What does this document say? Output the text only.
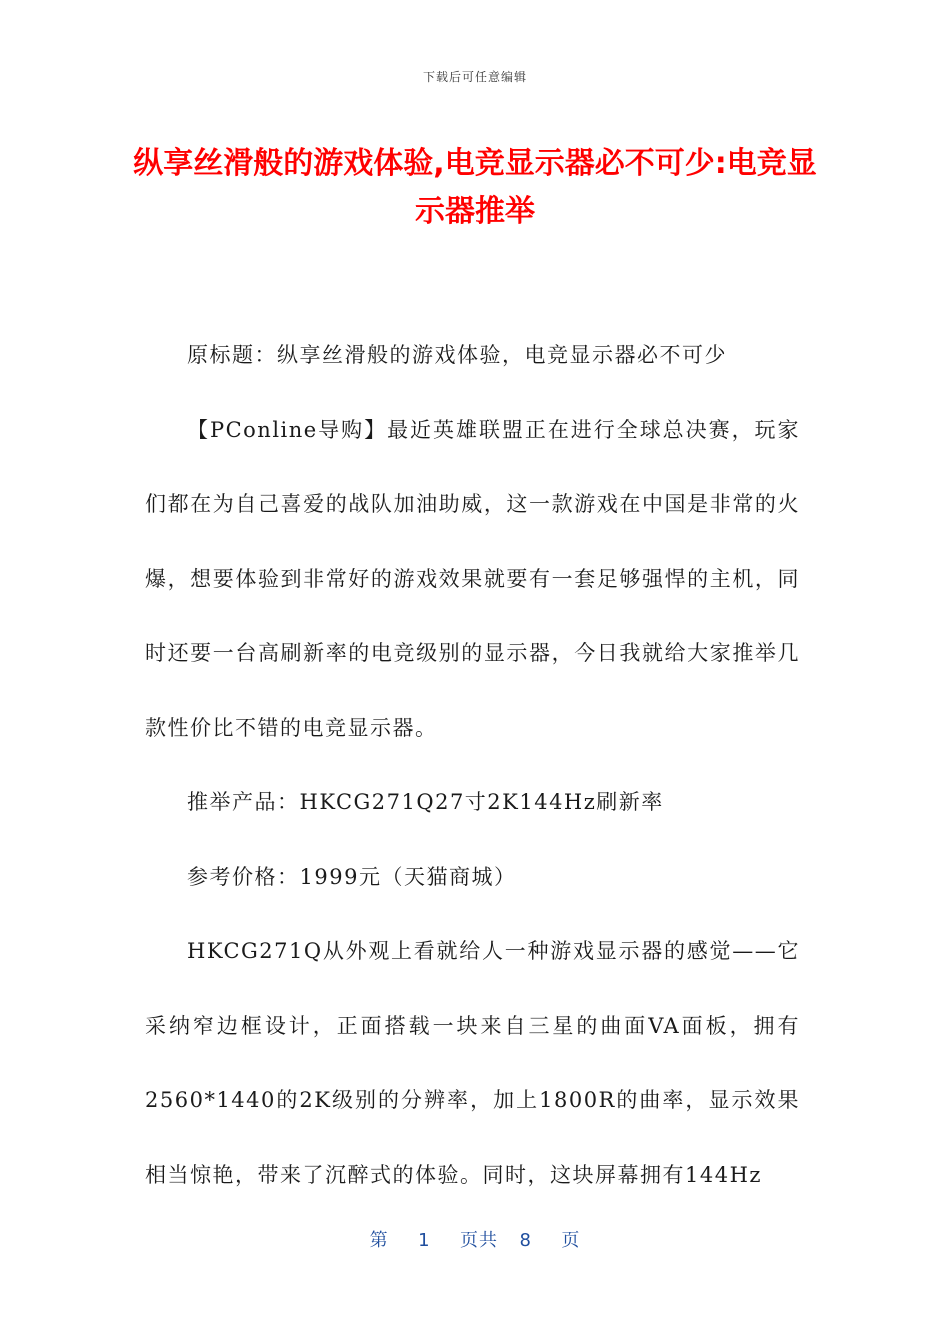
下载后可任意编辑
纵享丝滑般的游戏体验,电竞显示器必不可少:电竞显示器推举

原标题：纵享丝滑般的游戏体验，电竞显示器必不可少

【PConline导购】最近英雄联盟正在进行全球总决赛，玩家们都在为自己喜爱的战队加油助威，这一款游戏在中国是非常的火爆，想要体验到非常好的游戏效果就要有一套足够强悍的主机，同时还要一台高刷新率的电竞级别的显示器，今日我就给大家推举几款性价比不错的电竞显示器。

推举产品：HKCG271Q27寸2K144Hz刷新率

参考价格：1999元（天猫商城）

HKCG271Q从外观上看就给人一种游戏显示器的感觉——它采纳窄边框设计，正面搭载一块来自三星的曲面VA面板，拥有2560*1440的2K级别的分辨率，加上1800R的曲率，显示效果相当惊艳，带来了沉醉式的体验。同时，这块屏幕拥有144Hz

第 1 页共 8 页
